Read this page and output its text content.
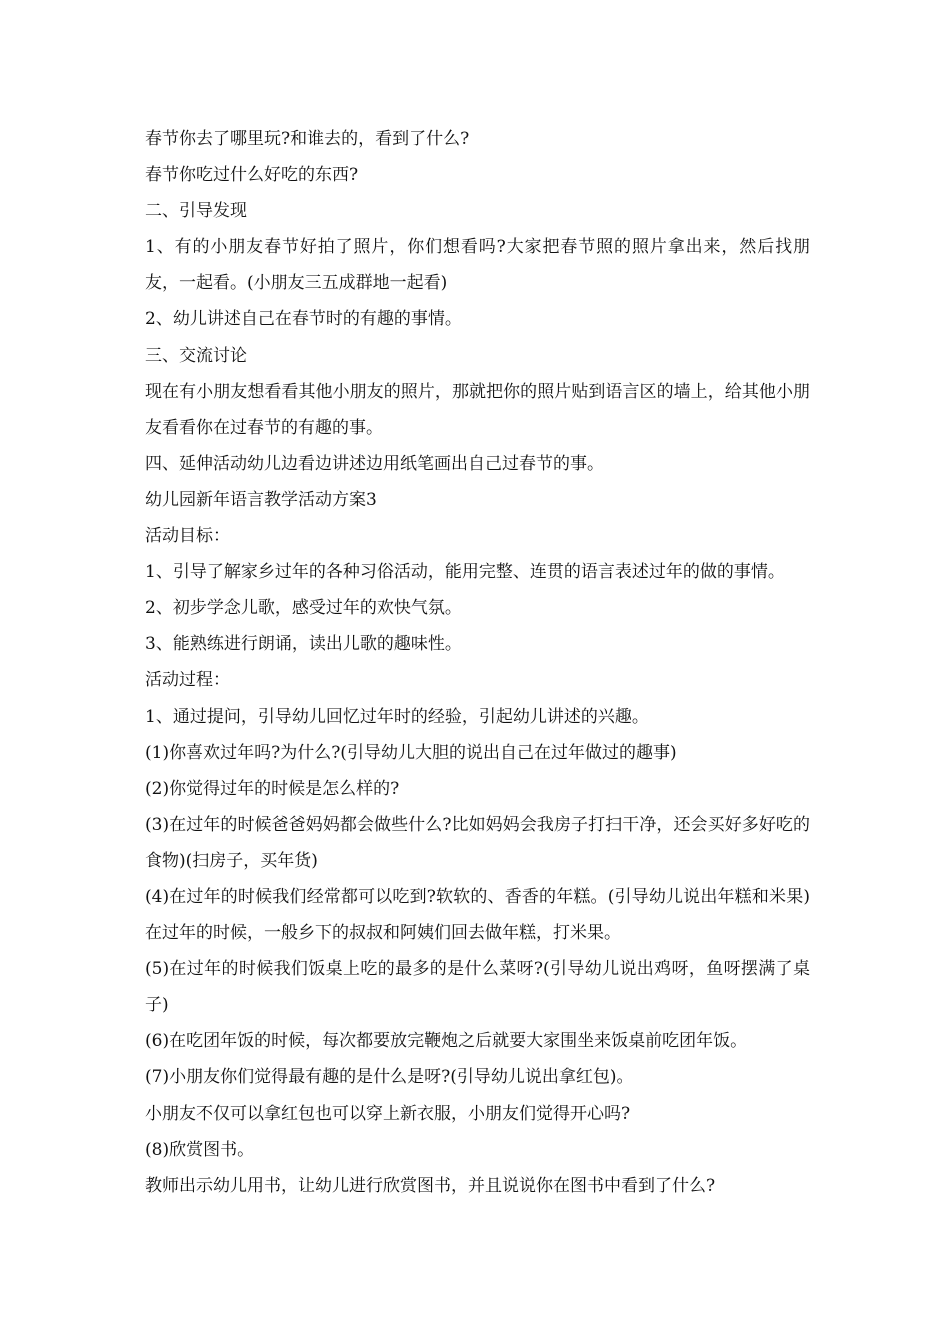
春节你去了哪里玩?和谁去的，看到了什么?

春节你吃过什么好吃的东西?

二、引导发现

1、有的小朋友春节好拍了照片，你们想看吗?大家把春节照的照片拿出来，然后找朋友，一起看。(小朋友三五成群地一起看)

2、幼儿讲述自己在春节时的有趣的事情。

三、交流讨论

现在有小朋友想看看其他小朋友的照片，那就把你的照片贴到语言区的墙上，给其他小朋友看看你在过春节的有趣的事。

四、延伸活动幼儿边看边讲述边用纸笔画出自己过春节的事。

幼儿园新年语言教学活动方案3

活动目标：

1、引导了解家乡过年的各种习俗活动，能用完整、连贯的语言表述过年的做的事情。

2、初步学念儿歌，感受过年的欢快气氛。

3、能熟练进行朗诵，读出儿歌的趣味性。

活动过程：

1、通过提问，引导幼儿回忆过年时的经验，引起幼儿讲述的兴趣。

(1)你喜欢过年吗?为什么?(引导幼儿大胆的说出自己在过年做过的趣事)

(2)你觉得过年的时候是怎么样的?

(3)在过年的时候爸爸妈妈都会做些什么?比如妈妈会我房子打扫干净，还会买好多好吃的食物)(扫房子，买年货)

(4)在过年的时候我们经常都可以吃到?软软的、香香的年糕。(引导幼儿说出年糕和米果)在过年的时候，一般乡下的叔叔和阿姨们回去做年糕，打米果。

(5)在过年的时候我们饭桌上吃的最多的是什么菜呀?(引导幼儿说出鸡呀，鱼呀摆满了桌子)

(6)在吃团年饭的时候，每次都要放完鞭炮之后就要大家围坐来饭桌前吃团年饭。

(7)小朋友你们觉得最有趣的是什么是呀?(引导幼儿说出拿红包)。

小朋友不仅可以拿红包也可以穿上新衣服，小朋友们觉得开心吗?

(8)欣赏图书。

教师出示幼儿用书，让幼儿进行欣赏图书，并且说说你在图书中看到了什么?
